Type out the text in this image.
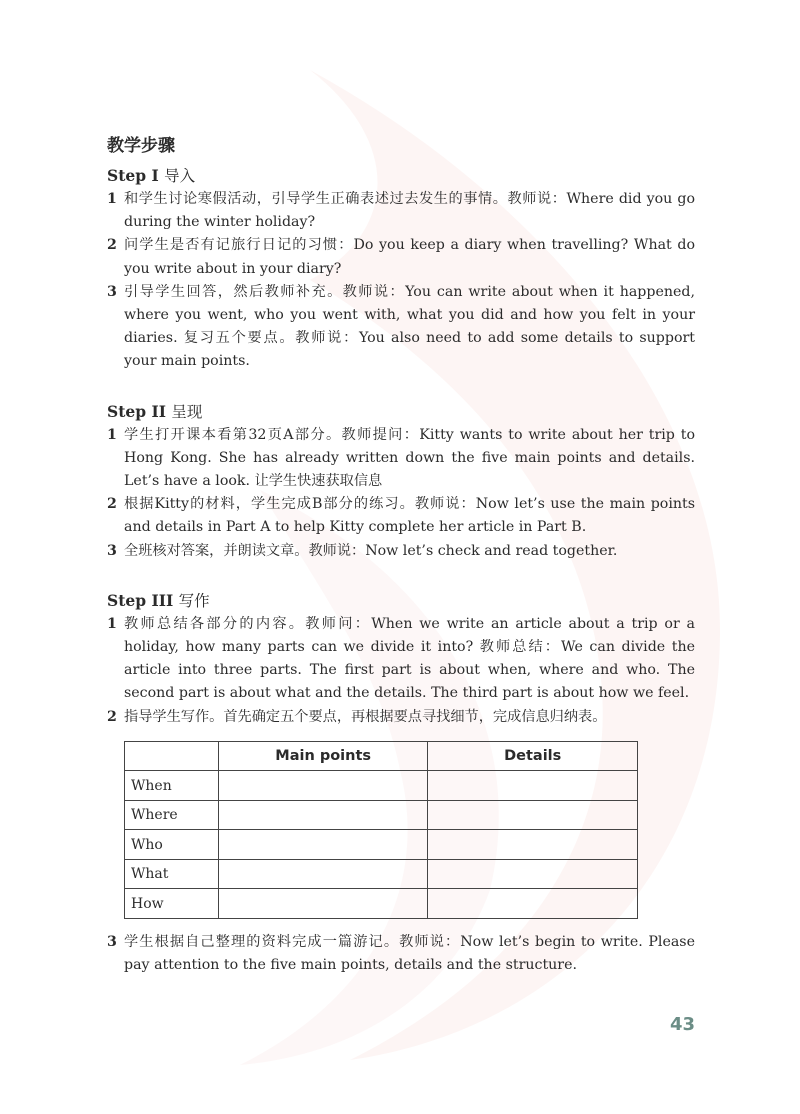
教学步骤
Step I 导入

1 和学生讨论寒假活动，引导学生正确表述过去发生的事情。教师说：Where did you go during the winter holiday?

2 问学生是否有记旅行日记的习惯：Do you keep a diary when travelling? What do you write about in your diary?

3 引导学生回答，然后教师补充。教师说：You can write about when it happened, where you went, who you went with, what you did and how you felt in your diaries. 复习五个要点。教师说：You also need to add some details to support your main points.

Step II 呈现

1 学生打开课本看第32页A部分。教师提问：Kitty wants to write about her trip to Hong Kong. She has already written down the five main points and details. Let’s have a look. 让学生快速获取信息

2 根据Kitty的材料，学生完成B部分的练习。教师说：Now let’s use the main points and details in Part A to help Kitty complete her article in Part B.

3 全班核对答案，并朗读文章。教师说：Now let’s check and read together.

Step III 写作

1 教师总结各部分的内容。教师问：When we write an article about a trip or a holiday, how many parts can we divide it into? 教师总结：We can divide the article into three parts. The first part is about when, where and who. The second part is about what and the details. The third part is about how we feel.

2 指导学生写作。首先确定五个要点，再根据要点寻找细节，完成信息归纳表。

	Main points	Details
When		
Where		
Who		
What		
How		

3 学生根据自己整理的资料完成一篇游记。教师说：Now let’s begin to write. Please pay attention to the five main points, details and the structure.

43
